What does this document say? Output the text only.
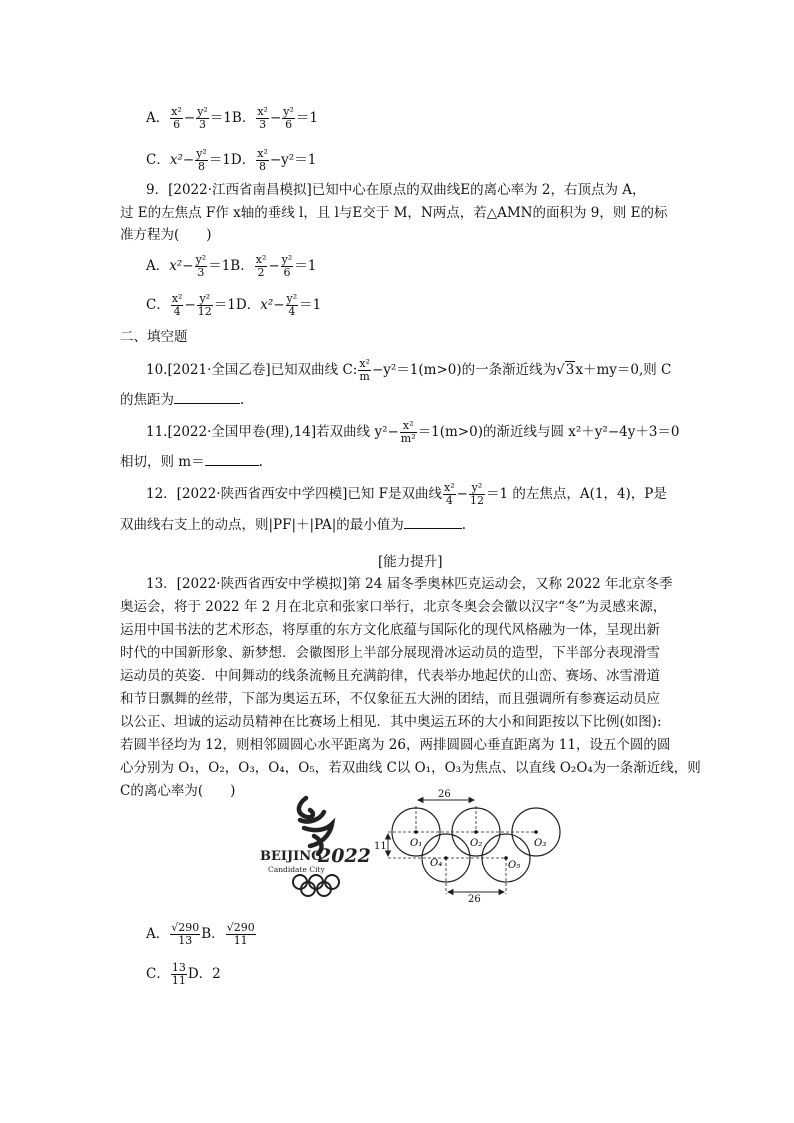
A． $\frac{\text{x²}}{6} - \frac{\text{y²}}{3} =1B$． $\frac{\text{x²}}{3} - \frac{\text{y²}}{6} =1$
C．$x^2- \frac{\text{y²}}{8} =1D$． $\frac{\text{x²}}{8} -y^2=1$
9．[2022·江西省南昌模拟]已知中心在原点的双曲线E的离心率为 2，右顶点为 A，
过 E的左焦点 F作 x轴的垂线 l，且 l与E交于 M，N两点，若△AMN的面积为 9，则 E的标
准方程为(　　)
A．$x^2- \frac{\text{y²}}{3} =1B$． $\frac{\text{x²}}{2} - \frac{\text{y²}}{6} =1$
C． $\frac{\text{x²}}{4} - \frac{\text{y²}}{12} =1D$．$x^2- \frac{\text{y²}}{4} =1$
二、填空题
10.[2021·全国乙卷]已知双曲线 C: $\frac{\text{x²}}{m} -y^2=1(m>0)$的一条渐近线为√3x＋my＝0,则 C
的焦距为	.
11.[2022·全国甲卷(理),14]若双曲线 $y^2- \frac{\text{x²}}{\text{m²}} =1(m>0)$的渐近线与圆 x²＋y²−4y＋3＝0
相切，则 m＝	.
12．[2022·陕西省西安中学四模]已知 F是双曲线 $\frac{\text{x²}}{4} - \frac{\text{y²}}{12} =1$ 的左焦点，A(1，4)，P是
双曲线右支上的动点，则|PF|＋|PA|的最小值为	.
[能力提升]
13．[2022·陕西省西安中学模拟]第 24 届冬季奥林匹克运动会，又称 2022 年北京冬季
奥运会，将于 2022 年 2 月在北京和张家口举行，北京冬奥会会徽以汉字“冬”为灵感来源，
运用中国书法的艺术形态，将厚重的东方文化底蕴与国际化的现代风格融为一体，呈现出新
时代的中国新形象、新梦想．会徽图形上半部分展现滑冰运动员的造型，下半部分表现滑雪
运动员的英姿．中间舞动的线条流畅且充满韵律，代表举办地起伏的山峦、赛场、冰雪滑道
和节日飘舞的丝带，下部为奥运五环，不仅象征五大洲的团结，而且强调所有参赛运动员应
以公正、坦诚的运动员精神在比赛场上相见．其中奥运五环的大小和间距按以下比例(如图):
若圆半径均为 12，则相邻圆圆心水平距离为 26，两排圆圆心垂直距离为 11，设五个圆的圆
心分别为 O₁，O₂，O₃，O₄，O₅，若双曲线 C以 O₁，O₃为焦点、以直线 O₂O₄为一条渐近线，则
C的离心率为(　　)
BEIJING
2022
Candidate City
26
26
11 O₁	O₂	O₃
O₄	O₅
A． $\frac{√290}{13}$ B． $\frac{√290}{11}$
C． $\frac{13}{11}$ D．2
